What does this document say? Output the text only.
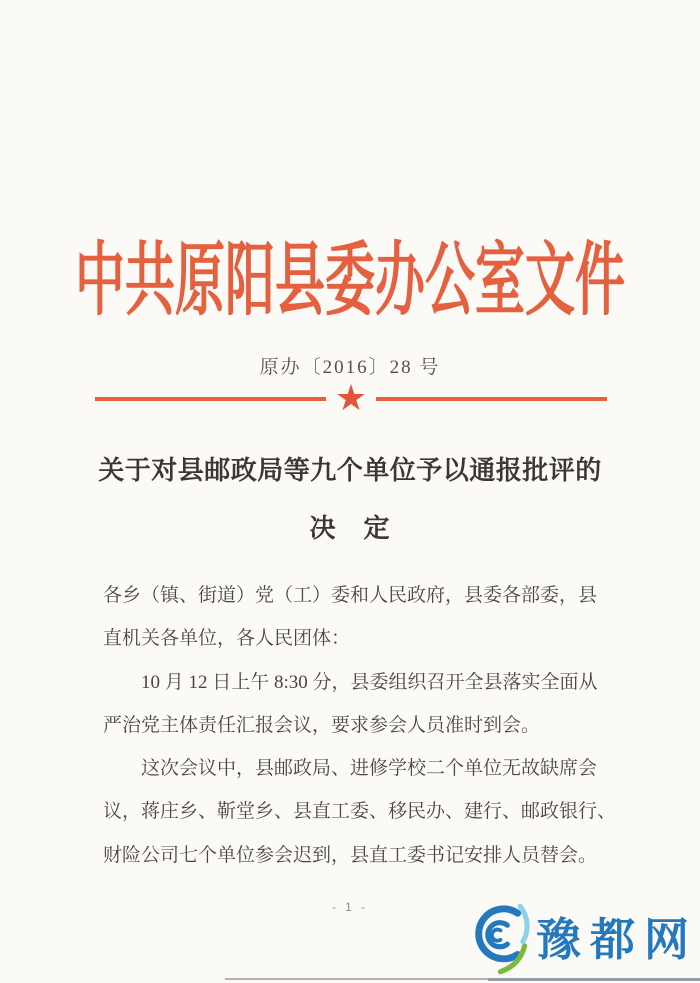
中共原阳县委办公室文件
原办〔2016〕28 号
★
关于对县邮政局等九个单位予以通报批评的
决　定
各乡（镇、街道）党（工）委和人民政府，县委各部委，县
直机关各单位，各人民团体：
　　10 月 12 日上午 8:30 分，县委组织召开全县落实全面从
严治党主体责任汇报会议，要求参会人员准时到会。
　　这次会议中，县邮政局、进修学校二个单位无故缺席会
议，蒋庄乡、靳堂乡、县直工委、移民办、建行、邮政银行、
财险公司七个单位参会迟到，县直工委书记安排人员替会。
- 1 -
豫都网
